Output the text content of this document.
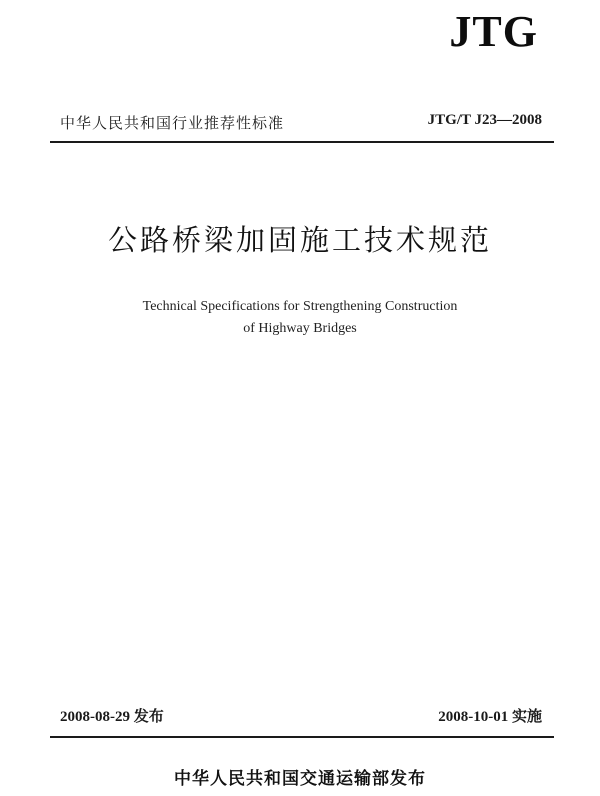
JTG
中华人民共和国行业推荐性标准	JTG/T J23—2008
公路桥梁加固施工技术规范
Technical Specifications for Strengthening Construction
of Highway Bridges
2008-08-29 发布	2008-10-01 实施
中华人民共和国交通运输部发布
